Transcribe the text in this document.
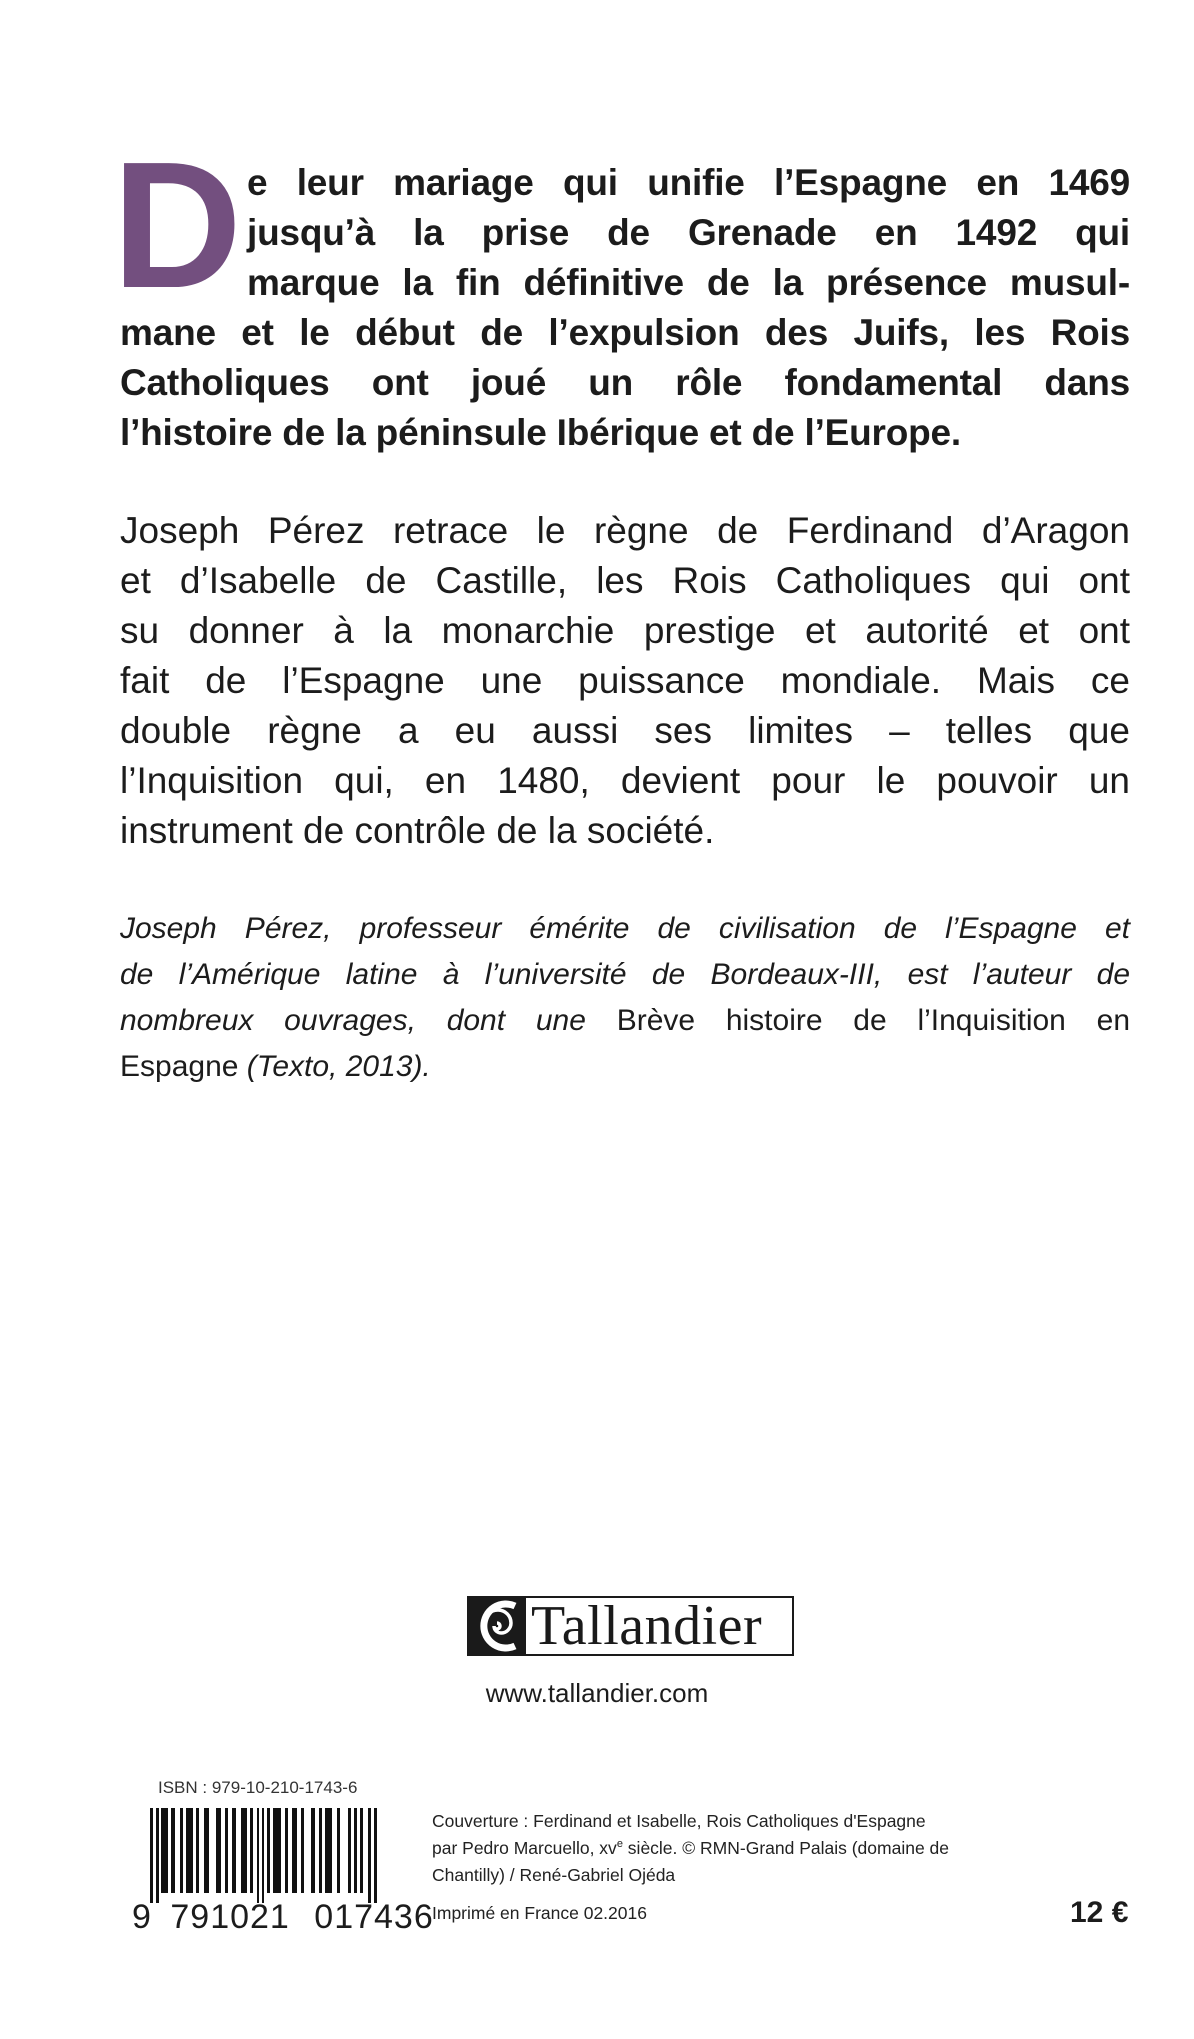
D e leur mariage qui unifie l’Espagne en 1469
jusqu’à la prise de Grenade en 1492 qui
marque la fin définitive de la présence musul-
mane et le début de l’expulsion des Juifs, les Rois
Catholiques ont joué un rôle fondamental dans
l’histoire de la péninsule Ibérique et de l’Europe.
Joseph Pérez retrace le règne de Ferdinand d’Aragon
et d’Isabelle de Castille, les Rois Catholiques qui ont
su donner à la monarchie prestige et autorité et ont
fait de l’Espagne une puissance mondiale. Mais ce
double règne a eu aussi ses limites – telles que
l’Inquisition qui, en 1480, devient pour le pouvoir un
instrument de contrôle de la société.
Joseph Pérez, professeur émérite de civilisation de l’Espagne et
de l’Amérique latine à l’université de Bordeaux-III, est l’auteur de
nombreux ouvrages, dont une Brève histoire de l’Inquisition en
Espagne (Texto, 2013).
Tallandier
www.tallandier.com
ISBN : 979-10-210-1743-6
9 791021 017436
Couverture : Ferdinand et Isabelle, Rois Catholiques d'Espagne
par Pedro Marcuello, $xv^e$ siècle. © RMN-Grand Palais (domaine de
Chantilly) / René-Gabriel Ojéda
Imprimé en France 02.2016	12 €
